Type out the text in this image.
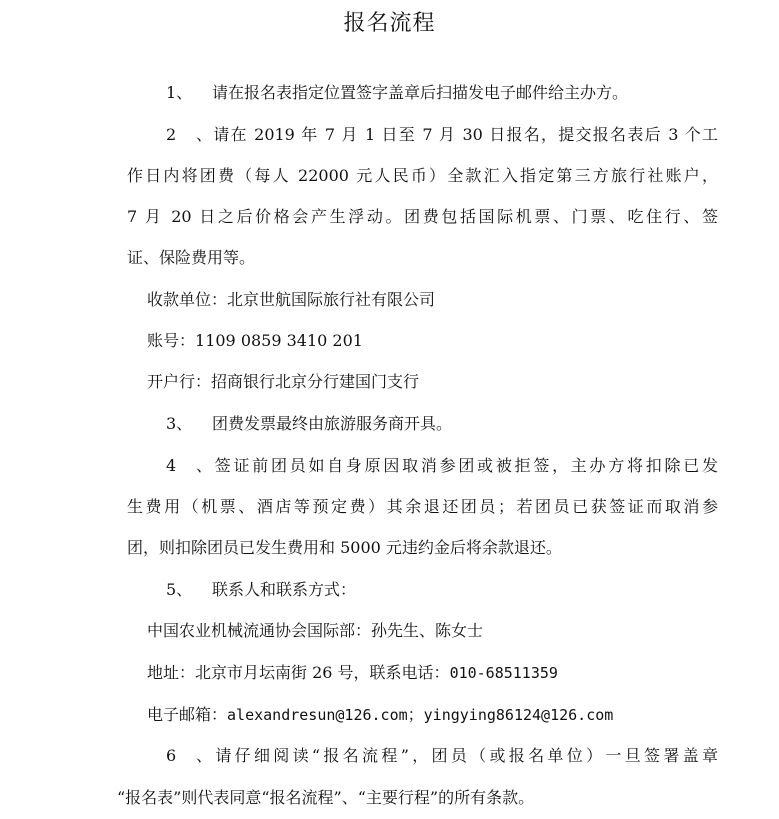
报名流程
1、 请在报名表指定位置签字盖章后扫描发电子邮件给主办方。
2、请在 2019 年 7 月 1 日至 7 月 30 日报名，提交报名表后 3 个工
作日内将团费（每人 22000 元人民币）全款汇入指定第三方旅行社账户，
7 月 20 日之后价格会产生浮动。团费包括国际机票、门票、吃住行、签
证、保险费用等。
收款单位：北京世航国际旅行社有限公司
账号：1109 0859 3410 201
开户行：招商银行北京分行建国门支行
3、 团费发票最终由旅游服务商开具。
4、签证前团员如自身原因取消参团或被拒签，主办方将扣除已发
生费用（机票、酒店等预定费）其余退还团员；若团员已获签证而取消参
团，则扣除团员已发生费用和 5000 元违约金后将余款退还。
5、 联系人和联系方式：
中国农业机械流通协会国际部：孙先生、陈女士
地址：北京市月坛南街 26 号，联系电话：010-68511359
电子邮箱：alexandresun@126.com；yingying86124@126.com
6、请仔细阅读“报名流程”，团员（或报名单位）一旦签署盖章
“报名表”则代表同意“报名流程”、“主要行程”的所有条款。
